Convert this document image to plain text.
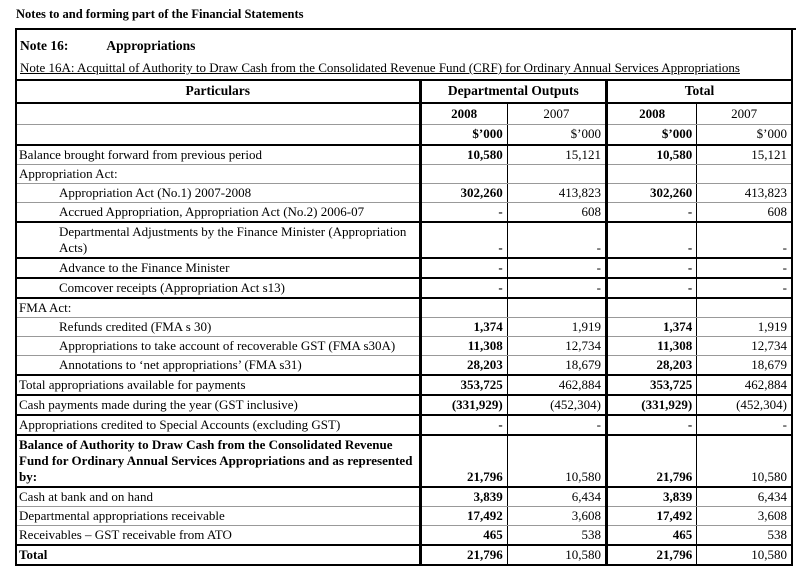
Notes to and forming part of the Financial Statements
Note 16:	Appropriations
Note 16A: Acquittal of Authority to Draw Cash from the Consolidated Revenue Fund (CRF) for Ordinary Annual Services Appropriations
Particulars	Departmental Outputs		Total	
	2008	2007	2008	2007
	$’000	$’000	$’000	$’000
Balance brought forward from previous period	10,580	15,121	10,580	15,121
Appropriation Act:				
Appropriation Act (No.1) 2007-2008	302,260	413,823	302,260	413,823
Accrued Appropriation, Appropriation Act (No.2) 2006-07	-	608	-	608
Departmental Adjustments by the Finance Minister (Appropriation Acts)	-	-	-	-
Advance to the Finance Minister	-	-	-	-
Comcover receipts (Appropriation Act s13)	-	-	-	-
FMA Act:				
Refunds credited (FMA s 30)	1,374	1,919	1,374	1,919
Appropriations to take account of recoverable GST (FMA s30A)	11,308	12,734	11,308	12,734
Annotations to ‘net appropriations’ (FMA s31)	28,203	18,679	28,203	18,679
Total appropriations available for payments	353,725	462,884	353,725	462,884
Cash payments made during the year (GST inclusive)	(331,929)	(452,304)	(331,929)	(452,304)
Appropriations credited to Special Accounts (excluding GST)	-	-	-	-
Balance of Authority to Draw Cash from the Consolidated Revenue Fund for Ordinary Annual Services Appropriations and as represented by:	21,796	10,580	21,796	10,580
Cash at bank and on hand	3,839	6,434	3,839	6,434
Departmental appropriations receivable	17,492	3,608	17,492	3,608
Receivables – GST receivable from ATO	465	538	465	538
Total	21,796	10,580	21,796	10,580
